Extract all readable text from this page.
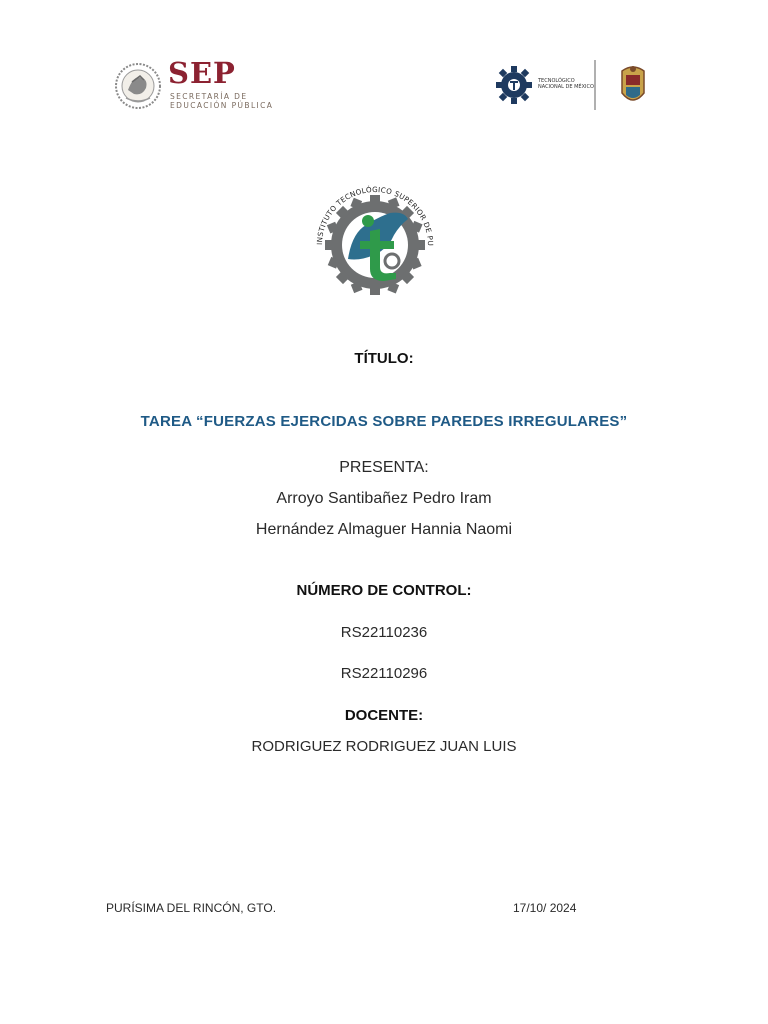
SEP
SECRETARÍA DE
EDUCACIÓN PÚBLICA
TECNOLÓGICO
NACIONAL DE MÉXICO
INSTITUTO TECNOLÓGICO SUPERIOR DE PU
TÍTULO:
TAREA “FUERZAS EJERCIDAS SOBRE PAREDES IRREGULARES”
PRESENTA:
Arroyo Santibañez Pedro Iram
Hernández Almaguer Hannia Naomi
NÚMERO DE CONTROL:
RS22110236
RS22110296
DOCENTE:
RODRIGUEZ RODRIGUEZ JUAN LUIS
PURÍSIMA DEL RINCÓN, GTO.	17/10/ 2024
